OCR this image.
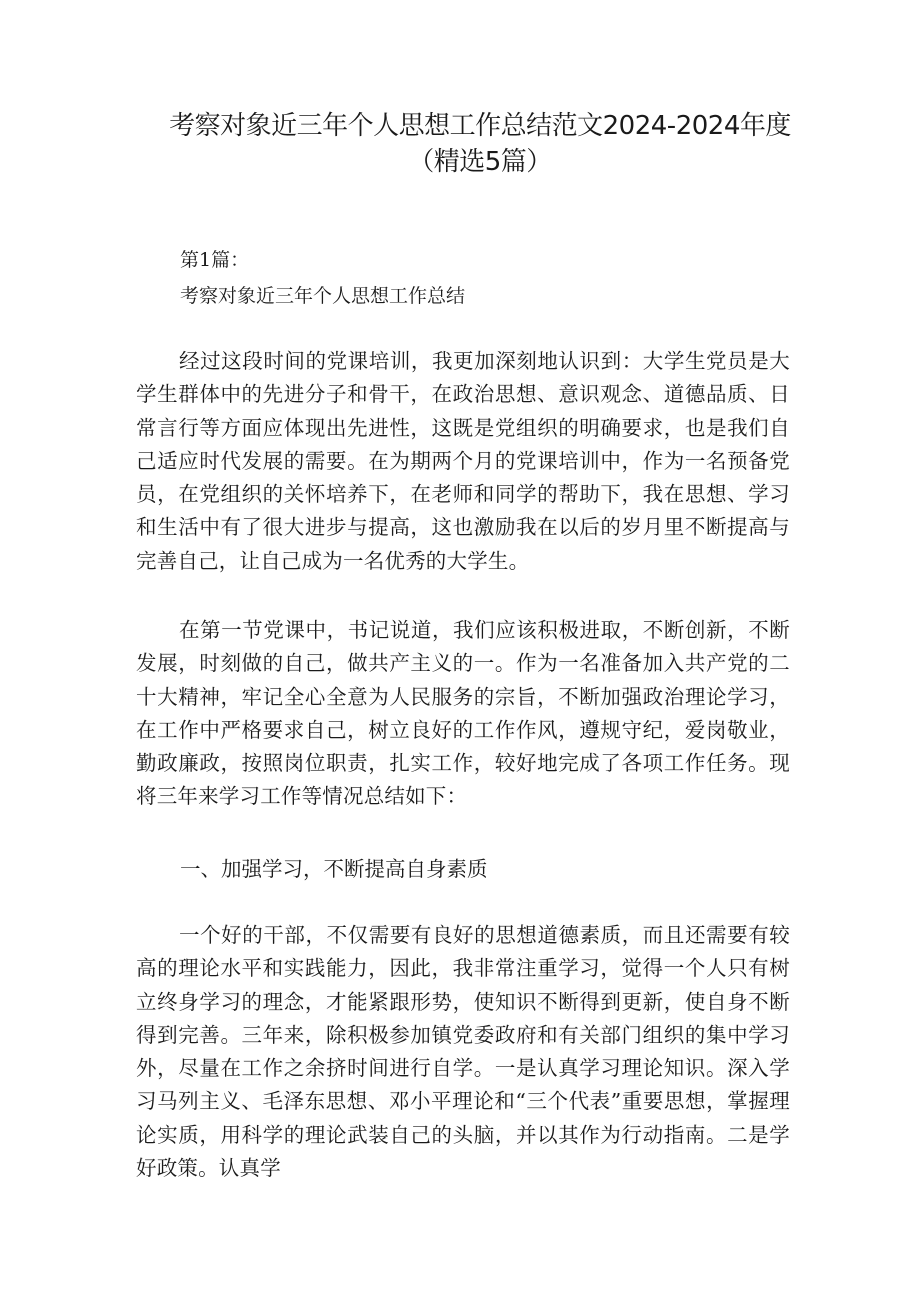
考察对象近三年个人思想工作总结范文2024-2024年度
（精选5篇）

第1篇：

考察对象近三年个人思想工作总结

经过这段时间的党课培训，我更加深刻地认识到：大学生党员是大学生群体中的先进分子和骨干，在政治思想、意识观念、道德品质、日常言行等方面应体现出先进性，这既是党组织的明确要求，也是我们自己适应时代发展的需要。在为期两个月的党课培训中，作为一名预备党员，在党组织的关怀培养下，在老师和同学的帮助下，我在思想、学习和生活中有了很大进步与提高，这也激励我在以后的岁月里不断提高与完善自己，让自己成为一名优秀的大学生。

在第一节党课中，书记说道，我们应该积极进取，不断创新，不断发展，时刻做的自己，做共产主义的一。作为一名准备加入共产党的二十大精神，牢记全心全意为人民服务的宗旨，不断加强政治理论学习，在工作中严格要求自己，树立良好的工作作风，遵规守纪，爱岗敬业，勤政廉政，按照岗位职责，扎实工作，较好地完成了各项工作任务。现将三年来学习工作等情况总结如下：

一、加强学习，不断提高自身素质

一个好的干部，不仅需要有良好的思想道德素质，而且还需要有较高的理论水平和实践能力，因此，我非常注重学习，觉得一个人只有树立终身学习的理念，才能紧跟形势，使知识不断得到更新，使自身不断得到完善。三年来，除积极参加镇党委政府和有关部门组织的集中学习外，尽量在工作之余挤时间进行自学。一是认真学习理论知识。深入学习马列主义、毛泽东思想、邓小平理论和“三个代表”重要思想，掌握理论实质，用科学的理论武装自己的头脑，并以其作为行动指南。二是学好政策。认真学
